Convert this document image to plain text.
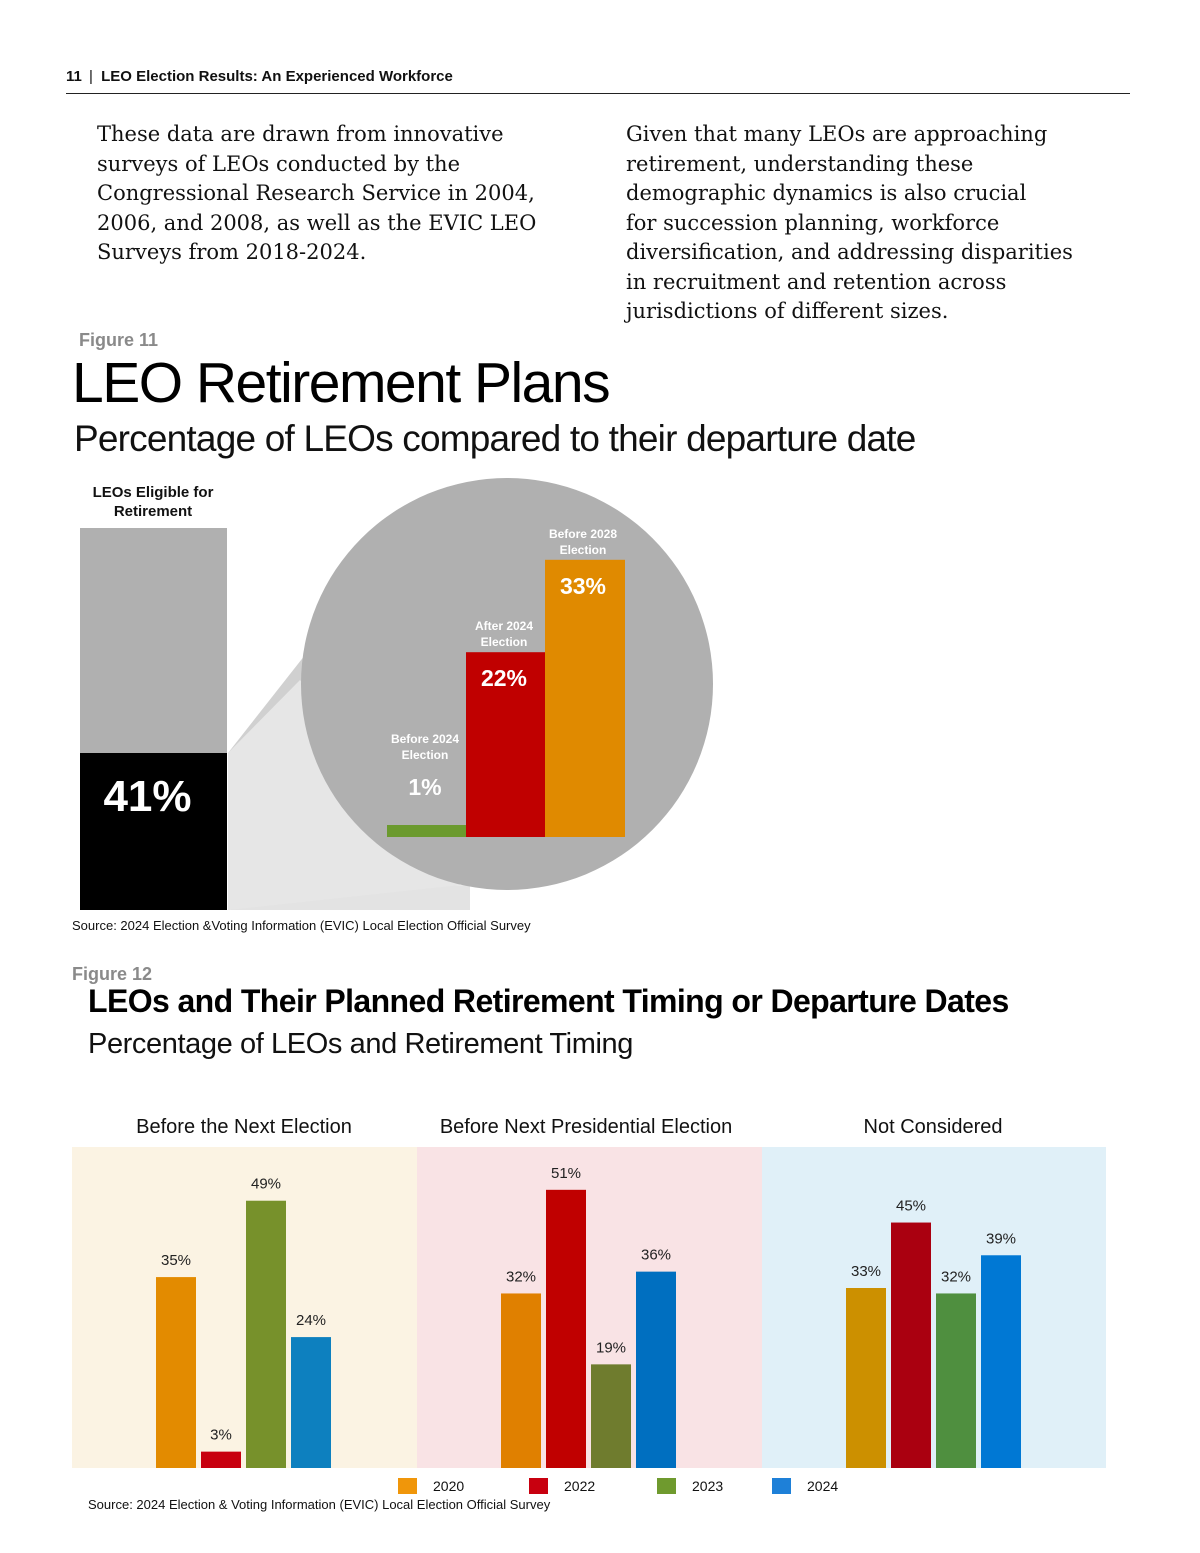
11 | LEO Election Results: An Experienced Workforce
These data are drawn from innovative
surveys of LEOs conducted by the
Congressional Research Service in 2004,
2006, and 2008, as well as the EVIC LEO
Surveys from 2018-2024.
Given that many LEOs are approaching
retirement, understanding these
demographic dynamics is also crucial
for succession planning, workforce
diversification, and addressing disparities
in recruitment and retention across
jurisdictions of different sizes.
Figure 11
LEO Retirement Plans
Percentage of LEOs compared to their departure date
LEOs Eligible for
Retirement
41%	1%
Before 2024
Election
22%
After 2024
Election
33%
Before 2028
Election
Source: 2024 Election &Voting Information (EVIC) Local Election Official Survey
Figure 12
LEOs and Their Planned Retirement Timing or Departure Dates
Percentage of LEOs and Retirement Timing
Before the Next Election
35%
3%
49%
24%
Before Next Presidential Election
32%
51%
19%
36%
Not Considered
33%
45%
32%
39%
2020	2022	2023	2024
Source: 2024 Election & Voting Information (EVIC) Local Election Official Survey
